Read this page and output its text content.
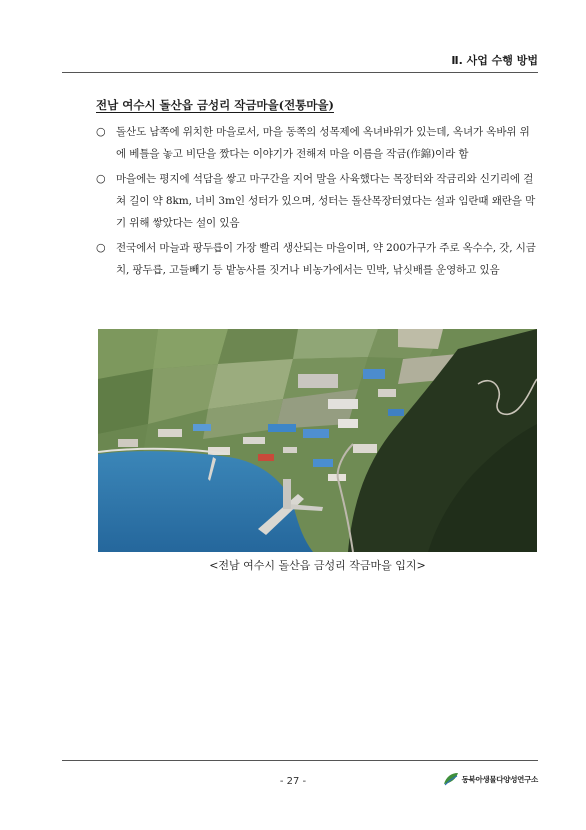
Ⅱ. 사업 수행 방법
전남 여수시 돌산읍 금성리 작금마을(전통마을)
○ 돌산도 남쪽에 위치한 마을로서, 마을 동쪽의 성목제에 옥녀바위가 있는데, 옥녀가 옥바위 위에 베틀을 놓고 비단을 짰다는 이야기가 전해져 마을 이름을 작금(作錦)이라 함
○ 마을에는 평지에 석담을 쌓고 마구간을 지어 말을 사육했다는 목장터와 작금리와 신기리에 걸쳐 길이 약 8km, 너비 3m인 성터가 있으며, 성터는 돌산목장터였다는 설과 임란때 왜란을 막기 위해 쌓았다는 설이 있음
○ 전국에서 마늘과 팡두릅이 가장 빨리 생산되는 마을이며, 약 200가구가 주로 옥수수, 갓, 시금치, 팡두릅, 고들빼기 등 밭농사를 짓거나 비농가에서는 민박, 낚싯배를 운영하고 있음
<전남 여수시 돌산읍 금성리 작금마을 입지>
- 27 -	동북아생물다양성연구소
